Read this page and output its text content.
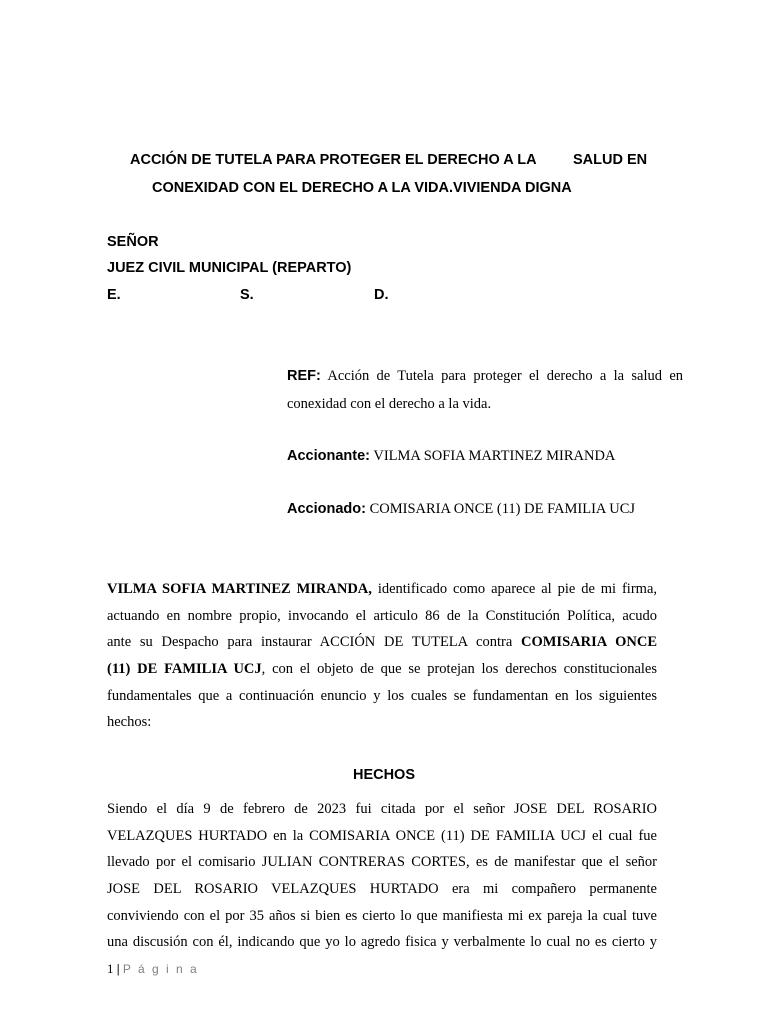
ACCIÓN DE TUTELA PARA PROTEGER EL DERECHO A LA	SALUD EN
CONEXIDAD CON EL DERECHO A LA VIDA.VIVIENDA DIGNA
SEÑOR
JUEZ CIVIL MUNICIPAL (REPARTO)
E.	S.	D.
REF: Acción de Tutela para proteger el derecho a la salud en
conexidad con el derecho a la vida.
Accionante: VILMA SOFIA MARTINEZ MIRANDA
Accionado: COMISARIA ONCE (11) DE FAMILIA UCJ
VILMA SOFIA MARTINEZ MIRANDA, identificado como aparece al pie de mi firma,
actuando en nombre propio, invocando el articulo 86 de la Constitución Política, acudo
ante su Despacho para instaurar ACCIÓN DE TUTELA contra COMISARIA ONCE
(11) DE FAMILIA UCJ, con el objeto de que se protejan los derechos constitucionales
fundamentales que a continuación enuncio y los cuales se fundamentan en los siguientes
hechos:
HECHOS
Siendo el día 9 de febrero de 2023 fui citada por el señor JOSE DEL ROSARIO
VELAZQUES HURTADO en la COMISARIA ONCE (11) DE FAMILIA UCJ el cual fue
llevado por el comisario JULIAN CONTRERAS CORTES, es de manifestar que el señor
JOSE DEL ROSARIO VELAZQUES HURTADO era mi compañero permanente
conviviendo con el por 35 años si bien es cierto lo que manifiesta mi ex pareja la cual tuve
una discusión con él, indicando que yo lo agredo fisica y verbalmente lo cual no es cierto y
1 | P á g i n a
